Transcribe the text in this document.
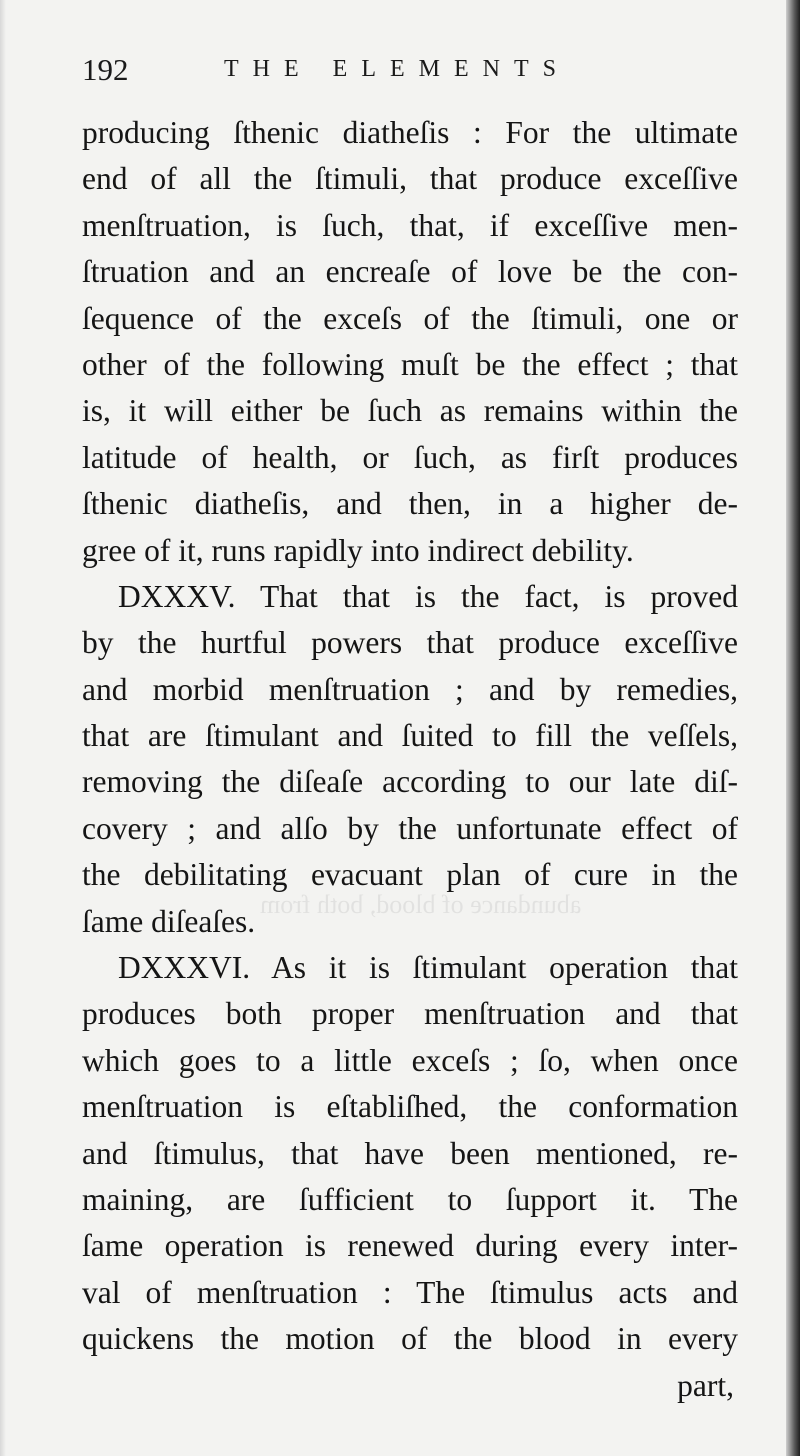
abundance of blood, both from
192	THE ELEMENTS
producing ſthenic diatheſis : For the ultimate
end of all the ſtimuli, that produce exceſſive
menſtruation, is ſuch, that, if exceſſive men-
ſtruation and an encreaſe of love be the con-
ſequence of the exceſs of the ſtimuli, one or
other of the following muſt be the effect ; that
is, it will either be ſuch as remains within the
latitude of health, or ſuch, as firſt produces
ſthenic diatheſis, and then, in a higher de-
gree of it, runs rapidly into indirect debility.
DXXXV. That that is the fact, is proved
by the hurtful powers that produce exceſſive
and morbid menſtruation ; and by remedies,
that are ſtimulant and ſuited to fill the veſſels,
removing the diſeaſe according to our late diſ-
covery ; and alſo by the unfortunate effect of
the debilitating evacuant plan of cure in the
ſame diſeaſes.
DXXXVI. As it is ſtimulant operation that
produces both proper menſtruation and that
which goes to a little exceſs ; ſo, when once
menſtruation is eſtabliſhed, the conformation
and ſtimulus, that have been mentioned, re-
maining, are ſufficient to ſupport it. The
ſame operation is renewed during every inter-
val of menſtruation : The ſtimulus acts and
quickens the motion of the blood in every
part,
